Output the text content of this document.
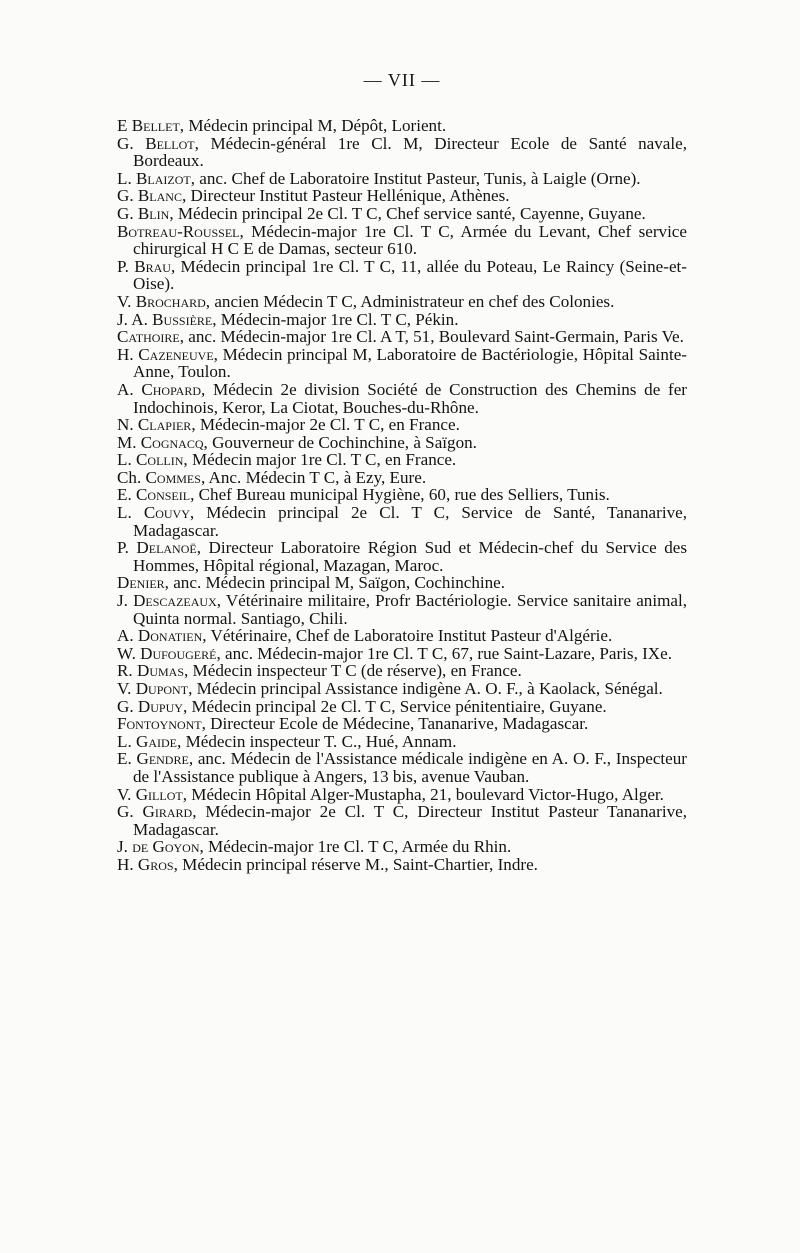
— VII —
E Bellet, Médecin principal M, Dépôt, Lorient.
G. Bellot, Médecin-général 1re Cl. M, Directeur Ecole de Santé navale, Bordeaux.
L. Blaizot, anc. Chef de Laboratoire Institut Pasteur, Tunis, à Laigle (Orne).
G. Blanc, Directeur Institut Pasteur Hellénique, Athènes.
G. Blin, Médecin principal 2e Cl. T C, Chef service santé, Cayenne, Guyane.
Botreau-Roussel, Médecin-major 1re Cl. T C, Armée du Levant, Chef service chirurgical H C E de Damas, secteur 610.
P. Brau, Médecin principal 1re Cl. T C, 11, allée du Poteau, Le Raincy (Seine-et-Oise).
V. Brochard, ancien Médecin T C, Administrateur en chef des Colonies.
J. A. Bussière, Médecin-major 1re Cl. T C, Pékin.
Cathoire, anc. Médecin-major 1re Cl. A T, 51, Boulevard Saint-Germain, Paris Ve.
H. Cazeneuve, Médecin principal M, Laboratoire de Bactériologie, Hôpital Sainte-Anne, Toulon.
A. Chopard, Médecin 2e division Société de Construction des Chemins de fer Indochinois, Keror, La Ciotat, Bouches-du-Rhône.
N. Clapier, Médecin-major 2e Cl. T C, en France.
M. Cognacq, Gouverneur de Cochinchine, à Saïgon.
L. Collin, Médecin major 1re Cl. T C, en France.
Ch. Commes, Anc. Médecin T C, à Ezy, Eure.
E. Conseil, Chef Bureau municipal Hygiène, 60, rue des Selliers, Tunis.
L. Couvy, Médecin principal 2e Cl. T C, Service de Santé, Tananarive, Madagascar.
P. Delanoë, Directeur Laboratoire Région Sud et Médecin-chef du Service des Hommes, Hôpital régional, Mazagan, Maroc.
Denier, anc. Médecin principal M, Saïgon, Cochinchine.
J. Descazeaux, Vétérinaire militaire, Profr Bactériologie. Service sanitaire animal, Quinta normal. Santiago, Chili.
A. Donatien, Vétérinaire, Chef de Laboratoire Institut Pasteur d'Algérie.
W. Dufougeré, anc. Médecin-major 1re Cl. T C, 67, rue Saint-Lazare, Paris, IXe.
R. Dumas, Médecin inspecteur T C (de réserve), en France.
V. Dupont, Médecin principal Assistance indigène A. O. F., à Kaolack, Sénégal.
G. Dupuy, Médecin principal 2e Cl. T C, Service pénitentiaire, Guyane.
Fontoynont, Directeur Ecole de Médecine, Tananarive, Madagascar.
L. Gaide, Médecin inspecteur T. C., Hué, Annam.
E. Gendre, anc. Médecin de l'Assistance médicale indigène en A. O. F., Inspecteur de l'Assistance publique à Angers, 13 bis, avenue Vauban.
V. Gillot, Médecin Hôpital Alger-Mustapha, 21, boulevard Victor-Hugo, Alger.
G. Girard, Médecin-major 2e Cl. T C, Directeur Institut Pasteur Tananarive, Madagascar.
J. de Goyon, Médecin-major 1re Cl. T C, Armée du Rhin.
H. Gros, Médecin principal réserve M., Saint-Chartier, Indre.
